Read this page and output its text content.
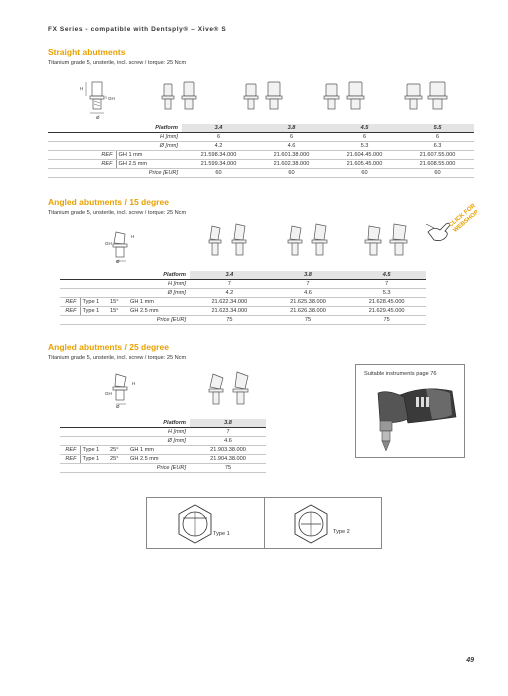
FX Series - compatible with Dentsply® – Xive® S
Straight abutments
Titanium grade 5, unsterile, incl. screw / torque: 25 Ncm
H
GH
Ø
		Platform	3.4	3.8	4.5	5.5
		H [mm]	6	6	6	6
		Ø [mm]	4.2	4.6	5.3	6.3
	REF	GH 1 mm	21.598.34.000	21.601.38.000	21.604.45.000	21.607.55.000
	REF	GH 2.5 mm	21.599.34.000	21.602.38.000	21.605.45.000	21.608.55.000
		Price [EUR]	60	60	60	60
Angled abutments / 15 degree
Titanium grade 5, unsterile, incl. screw / torque: 25 Ncm	CLICK FOR WEBSHOP
H
GH
Ø
			Platform	3.4	3.8	4.5
			H [mm]	7	7	7
			Ø [mm]	4.2	4.6	5.3
REF	Type 1	15°	GH 1 mm	21.622.34.000	21.625.38.000	21.628.45.000
REF	Type 1	15°	GH 2.5 mm	21.623.34.000	21.626.38.000	21.629.45.000
			Price [EUR]	75	75	75
Angled abutments / 25 degree
Titanium grade 5, unsterile, incl. screw / torque: 25 Ncm
H
GH
Ø
			Platform	3.8
			H [mm]	7
			Ø [mm]	4.6
REF	Type 1	25°	GH 1 mm	21.903.38.000
REF	Type 1	25°	GH 2.5 mm	21.904.38.000
			Price [EUR]	75
Suitable instruments page 76
Type 1	Type 2
49
